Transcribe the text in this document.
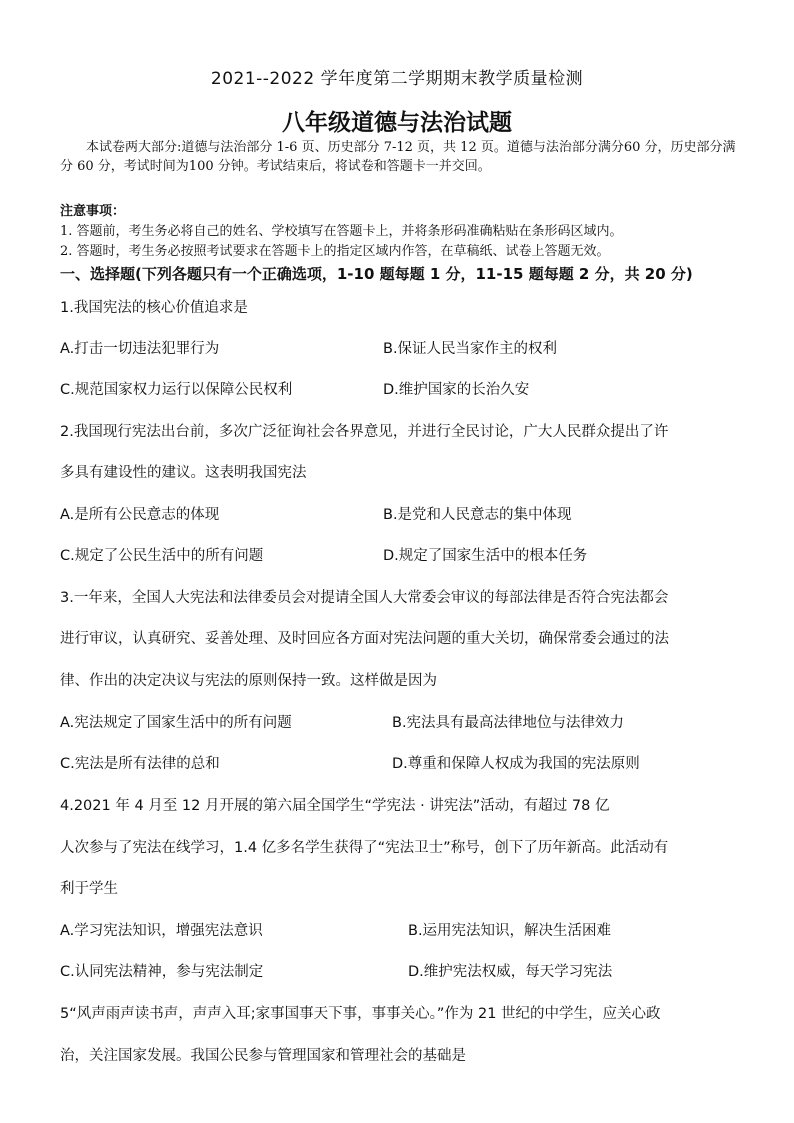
2021--2022 学年度第二学期期末教学质量检测
八年级道德与法治试题
本试卷两大部分:道德与法治部分 1-6 页、历史部分 7-12 页，共 12 页。道德与法治部分满分60 分，历史部分满分 60 分，考试时间为100 分钟。考试结束后，将试卷和答题卡一并交回。
注意事项：
1. 答题前，考生务必将自己的姓名、学校填写在答题卡上，并将条形码准确粘贴在条形码区域内。
2. 答题时，考生务必按照考试要求在答题卡上的指定区域内作答，在草稿纸、试卷上答题无效。
一、选择题(下列各题只有一个正确选项，1-10 题每题 1 分，11-15 题每题 2 分，共 20 分)
1.我国宪法的核心价值追求是
A.打击一切违法犯罪行为	B.保证人民当家作主的权利
C.规范国家权力运行以保障公民权利	D.维护国家的长治久安
2.我国现行宪法出台前，多次广泛征询社会各界意见，并进行全民讨论，广大人民群众提出了许
多具有建设性的建议。这表明我国宪法
A.是所有公民意志的体现	B.是党和人民意志的集中体现
C.规定了公民生活中的所有问题	D.规定了国家生活中的根本任务
3.一年来，全国人大宪法和法律委员会对提请全国人大常委会审议的每部法律是否符合宪法都会
进行审议，认真研究、妥善处理、及时回应各方面对宪法问题的重大关切，确保常委会通过的法
律、作出的决定决议与宪法的原则保持一致。这样做是因为
A.宪法规定了国家生活中的所有问题	B.宪法具有最高法律地位与法律效力
C.宪法是所有法律的总和	D.尊重和保障人权成为我国的宪法原则
4.2021 年 4 月至 12 月开展的第六届全国学生“学宪法 · 讲宪法”活动，有超过 78 亿
人次参与了宪法在线学习，1.4 亿多名学生获得了“宪法卫士”称号，创下了历年新高。此活动有
利于学生
A.学习宪法知识，增强宪法意识	B.运用宪法知识，解决生活困难
C.认同宪法精神，参与宪法制定	D.维护宪法权威，每天学习宪法
5“风声雨声读书声，声声入耳;家事国事天下事，事事关心。”作为 21 世纪的中学生，应关心政
治，关注国家发展。我国公民参与管理国家和管理社会的基础是
